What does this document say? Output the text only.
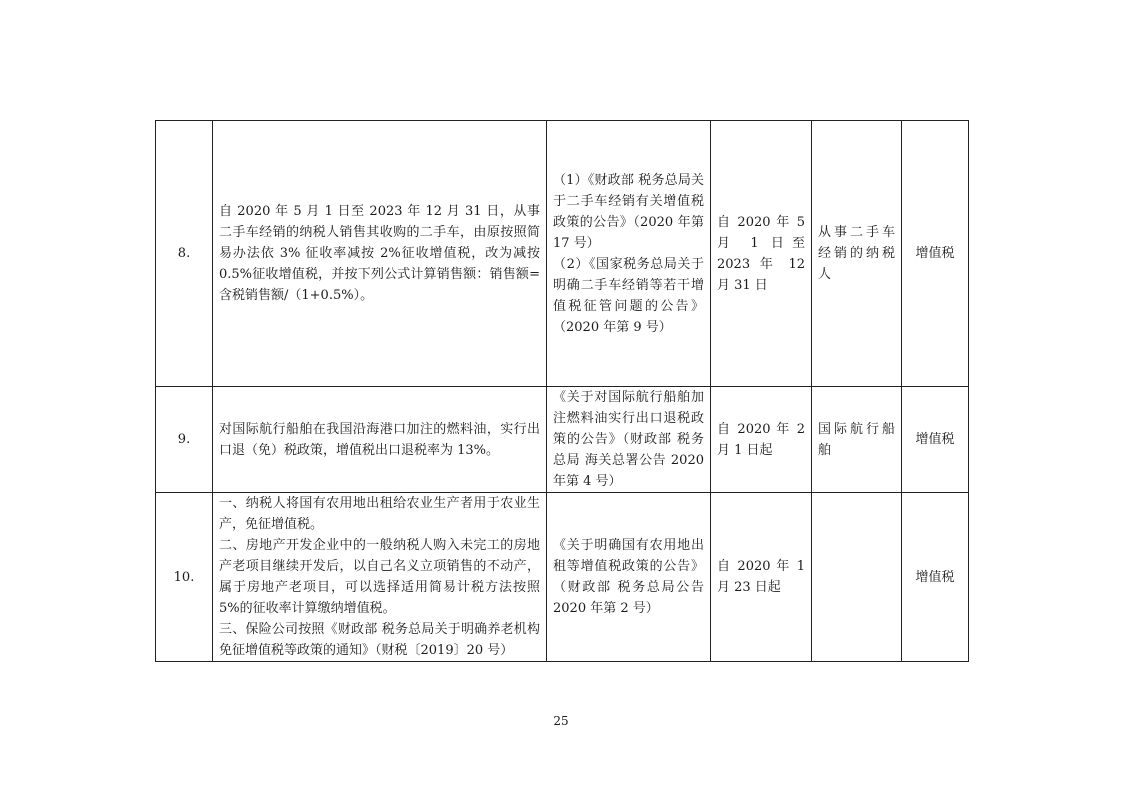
8.	自 2020 年 5 月 1 日至 2023 年 12 月 31 日，从事二手车经销的纳税人销售其收购的二手车，由原按照简易办法依 3% 征收率减按 2%征收增值税，改为减按 0.5%征收增值税，并按下列公式计算销售额：销售额=含税销售额/（1+0.5%）。	（1）《财政部 税务总局关于二手车经销有关增值税政策的公告》（2020 年第 17 号）
（2）《国家税务总局关于明确二手车经销等若干增值税征管问题的公告》（2020 年第 9 号）	自 2020 年 5 月 1 日至 2023 年 12 月 31 日	从事二手车经销的纳税人	增值税
9.	对国际航行船舶在我国沿海港口加注的燃料油，实行出口退（免）税政策，增值税出口退税率为 13%。	《关于对国际航行船舶加注燃料油实行出口退税政策的公告》（财政部 税务总局 海关总署公告 2020 年第 4 号）	自 2020 年 2 月 1 日起	国际航行船舶	增值税
10.	一、纳税人将国有农用地出租给农业生产者用于农业生产，免征增值税。
二、房地产开发企业中的一般纳税人购入未完工的房地产老项目继续开发后，以自己名义立项销售的不动产，属于房地产老项目，可以选择适用简易计税方法按照 5%的征收率计算缴纳增值税。
三、保险公司按照《财政部 税务总局关于明确养老机构免征增值税等政策的通知》（财税〔2019〕20 号）	《关于明确国有农用地出租等增值税政策的公告》（财政部 税务总局公告 2020 年第 2 号）	自 2020 年 1 月 23 日起		增值税
25
